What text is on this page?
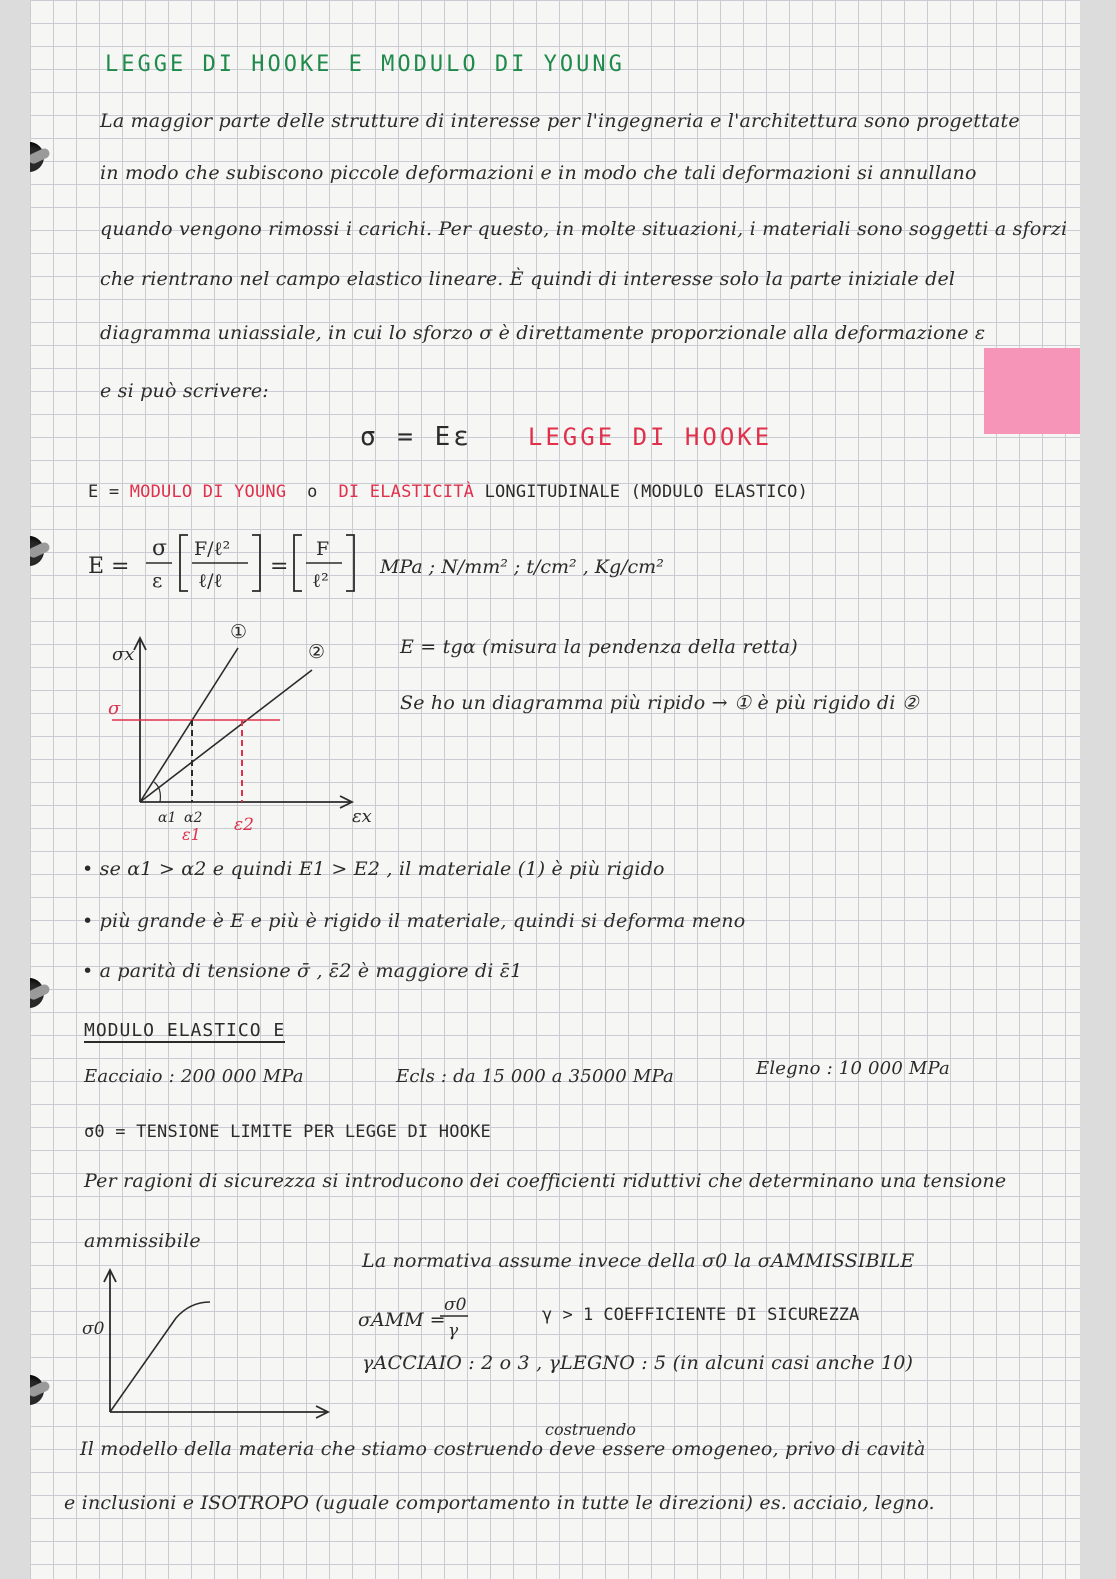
LEGGE DI HOOKE E MODULO DI YOUNG
La maggior parte delle strutture di interesse per l'ingegneria e l'architettura sono progettate
in modo che subiscono piccole deformazioni e in modo che tali deformazioni si annullano
quando vengono rimossi i carichi. Per questo, in molte situazioni, i materiali sono soggetti a sforzi
che rientrano nel campo elastico lineare. È quindi di interesse solo la parte iniziale del
diagramma uniassiale, in cui lo sforzo σ è direttamente proporzionale alla deformazione ε
e si può scrivere:
σ = Eε LEGGE DI HOOKE
E = MODULO DI YOUNG o DI ELASTICITÀ LONGITUDINALE (MODULO ELASTICO)
E =
σ
ε
F/ℓ²
ℓ/ℓ
=
F
ℓ²
MPa ; N/mm² ; t/cm² , Kg/cm²
σx
εx
σ
①
②
α1 α2
ε1 ε2
E = tgα (misura la pendenza della retta)
Se ho un diagramma più ripido → ① è più rigido di ②
• se α1 > α2 e quindi E1 > E2 , il materiale (1) è più rigido
• più grande è E e più è rigido il materiale, quindi si deforma meno
• a parità di tensione σ̄ , ε̄2 è maggiore di ε̄1
MODULO ELASTICO E
Eacciaio : 200 000 MPa	Ecls : da 15 000 a 35000 MPa	Elegno : 10 000 MPa
σ0 = TENSIONE LIMITE PER LEGGE DI HOOKE
Per ragioni di sicurezza si introducono dei coefficienti riduttivi che determinano una tensione
ammissibile
σ0
La normativa assume invece della σ0 la σAMMISSIBILE
σAMM =
σ0
γ
γ > 1 COEFFICIENTE DI SICUREZZA
γACCIAIO : 2 o 3 , γLEGNO : 5 (in alcuni casi anche 10)
costruendo
Il modello della materia che stiamo costruendo deve essere omogeneo, privo di cavità
e inclusioni e ISOTROPO (uguale comportamento in tutte le direzioni) es. acciaio, legno.
